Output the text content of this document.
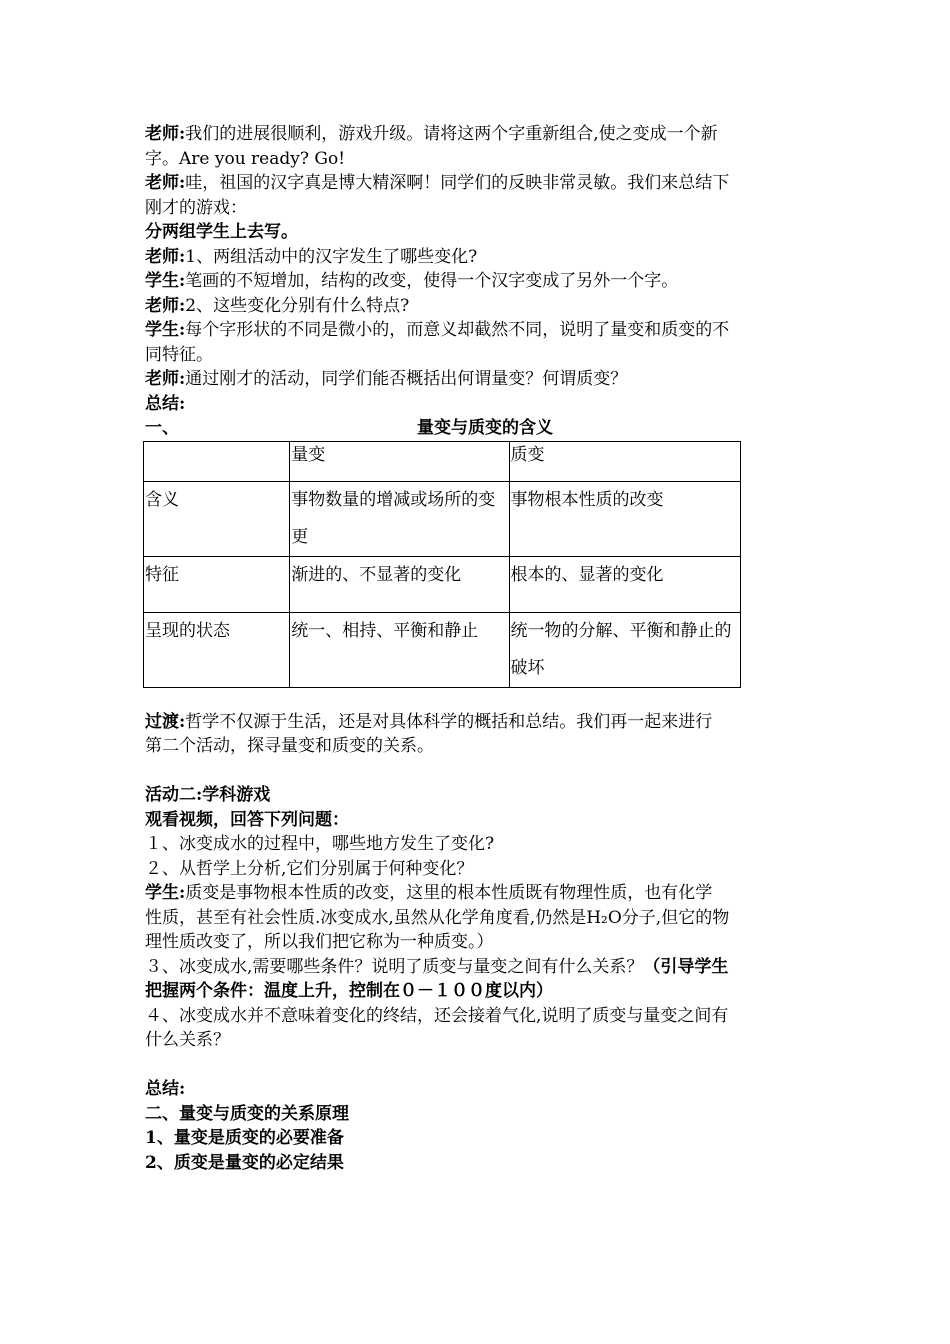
老师:我们的进展很顺利，游戏升级。请将这两个字重新组合,使之变成一个新
字。Are you ready? Go!
老师:哇，祖国的汉字真是博大精深啊！同学们的反映非常灵敏。我们来总结下
刚才的游戏：
分两组学生上去写。
老师:1、两组活动中的汉字发生了哪些变化?
学生:笔画的不短增加，结构的改变，使得一个汉字变成了另外一个字。
老师:2、这些变化分别有什么特点?
学生:每个字形状的不同是微小的，而意义却截然不同，说明了量变和质变的不
同特征。
老师:通过刚才的活动，同学们能否概括出何谓量变？何谓质变？
总结:
一、	量变与质变的含义
	量变	质变
含义	事物数量的增减或场所的变更	事物根本性质的改变
特征	渐进的、不显著的变化	根本的、显著的变化
呈现的状态	统一、相持、平衡和静止	统一物的分解、平衡和静止的破坏
过渡:哲学不仅源于生活，还是对具体科学的概括和总结。我们再一起来进行
第二个活动，探寻量变和质变的关系。
活动二:学科游戏
观看视频，回答下列问题：
１、冰变成水的过程中，哪些地方发生了变化?
２、从哲学上分析,它们分别属于何种变化？
学生:质变是事物根本性质的改变，这里的根本性质既有物理性质，也有化学
性质，甚至有社会性质.冰变成水,虽然从化学角度看,仍然是H₂O分子,但它的物
理性质改变了，所以我们把它称为一种质变。）
３、冰变成水,需要哪些条件？说明了质变与量变之间有什么关系？（引导学生
把握两个条件：温度上升，控制在０－１００度以内）
４、冰变成水并不意味着变化的终结，还会接着气化,说明了质变与量变之间有
什么关系？
总结:
二、量变与质变的关系原理
1、量变是质变的必要准备
2、质变是量变的必定结果
